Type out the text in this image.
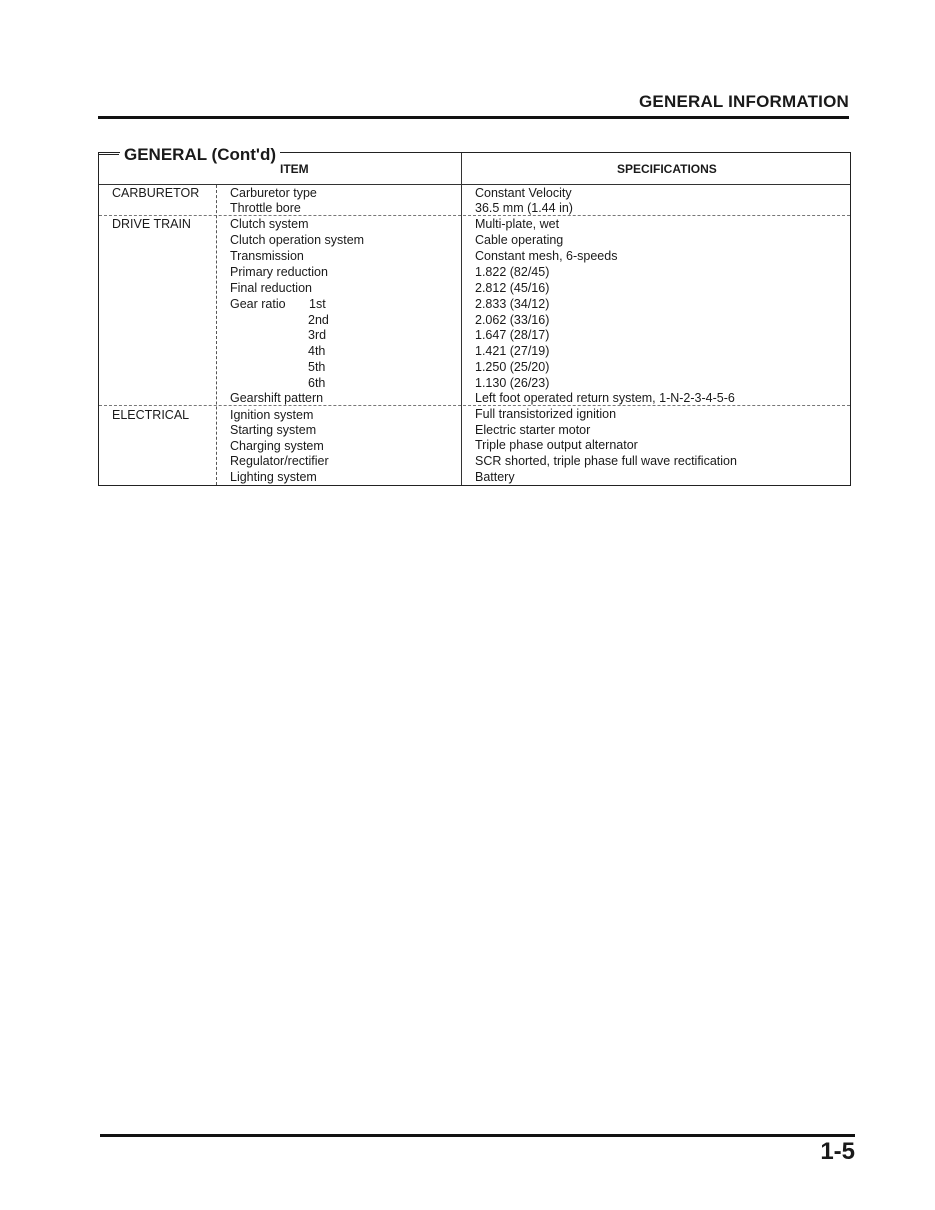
GENERAL INFORMATION
GENERAL (Cont'd)
ITEM	SPECIFICATIONS
CARBURETOR Carburetor type	Constant Velocity
Throttle bore	36.5 mm (1.44 in)
DRIVE TRAIN	Clutch system	Multi-plate, wet
Clutch operation system	Cable operating
Transmission	Constant mesh, 6-speeds
Primary reduction	1.822 (82/45)
Final reduction	2.812 (45/16)
Gear ratio 1st	2.833 (34/12)
2nd	2.062 (33/16)
3rd	1.647 (28/17)
4th	1.421 (27/19)
5th	1.250 (25/20)
6th	1.130 (26/23)
Gearshift pattern	Left foot operated return system, 1-N-2-3-4-5-6
ELECTRICAL	Ignition system	Full transistorized ignition
Starting system	Electric starter motor
Charging system	Triple phase output alternator
Regulator/rectifier	SCR shorted, triple phase full wave rectification
Lighting system	Battery
1-5
